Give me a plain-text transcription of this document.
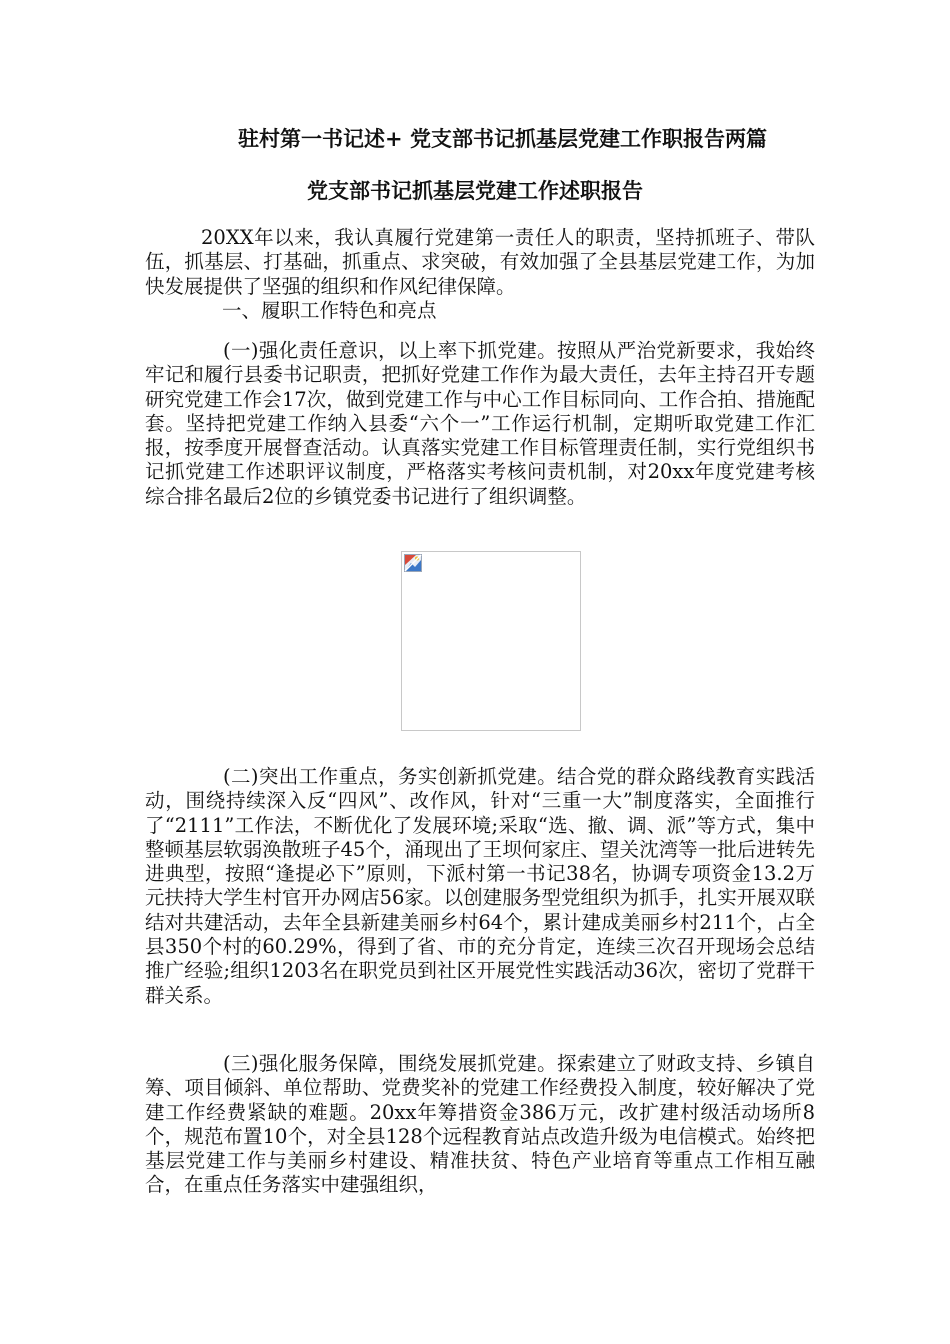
驻村第一书记述+ 党支部书记抓基层党建工作职报告两篇
党支部书记抓基层党建工作述职报告

20XX年以来，我认真履行党建第一责任人的职责，坚持抓班子、带队伍，抓基层、打基础，抓重点、求突破，有效加强了全县基层党建工作，为加快发展提供了坚强的组织和作风纪律保障。

一、履职工作特色和亮点

(一)强化责任意识，以上率下抓党建。按照从严治党新要求，我始终牢记和履行县委书记职责，把抓好党建工作作为最大责任，去年主持召开专题研究党建工作会17次，做到党建工作与中心工作目标同向、工作合拍、措施配套。坚持把党建工作纳入县委“六个一”工作运行机制，定期听取党建工作汇报，按季度开展督查活动。认真落实党建工作目标管理责任制，实行党组织书记抓党建工作述职评议制度，严格落实考核问责机制，对20xx年度党建考核综合排名最后2位的乡镇党委书记进行了组织调整。

(二)突出工作重点，务实创新抓党建。结合党的群众路线教育实践活动，围绕持续深入反“四风”、改作风，针对“三重一大”制度落实，全面推行了“2111”工作法，不断优化了发展环境;采取“选、撤、调、派”等方式，集中整顿基层软弱涣散班子45个，涌现出了王坝何家庄、望关沈湾等一批后进转先进典型，按照“逢提必下”原则，下派村第一书记38名，协调专项资金13.2万元扶持大学生村官开办网店56家。以创建服务型党组织为抓手，扎实开展双联结对共建活动，去年全县新建美丽乡村64个，累计建成美丽乡村211个，占全县350个村的60.29%，得到了省、市的充分肯定，连续三次召开现场会总结推广经验;组织1203名在职党员到社区开展党性实践活动36次，密切了党群干群关系。

(三)强化服务保障，围绕发展抓党建。探索建立了财政支持、乡镇自筹、项目倾斜、单位帮助、党费奖补的党建工作经费投入制度，较好解决了党建工作经费紧缺的难题。20xx年筹措资金386万元，改扩建村级活动场所8个，规范布置10个，对全县128个远程教育站点改造升级为电信模式。始终把基层党建工作与美丽乡村建设、精准扶贫、特色产业培育等重点工作相互融合，在重点任务落实中建强组织，
